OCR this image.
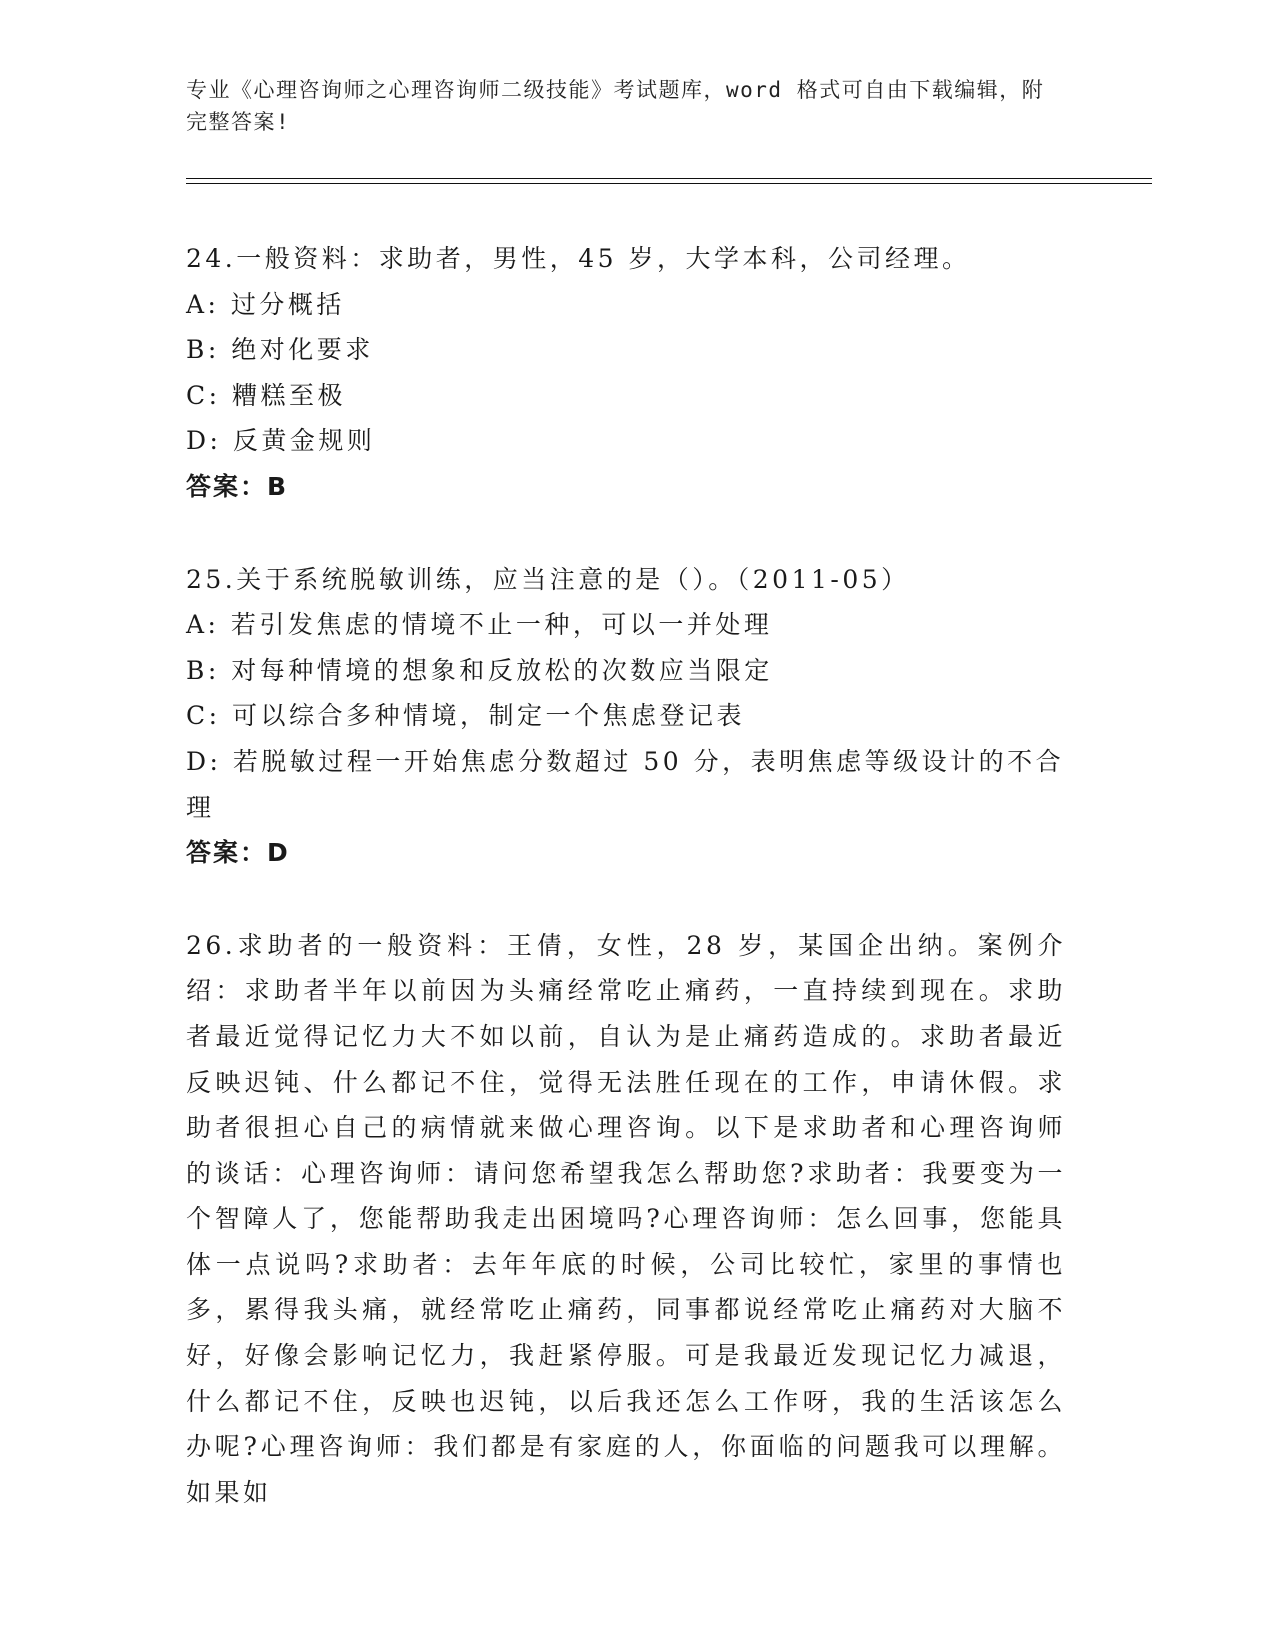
专业《心理咨询师之心理咨询师二级技能》考试题库，word 格式可自由下载编辑，附完整答案!
24.一般资料：求助者，男性，45 岁，大学本科，公司经理。
A: 过分概括
B: 绝对化要求
C: 糟糕至极
D: 反黄金规则
答案：B
25.关于系统脱敏训练，应当注意的是（）。（2011-05）
A: 若引发焦虑的情境不止一种，可以一并处理
B: 对每种情境的想象和反放松的次数应当限定
C: 可以综合多种情境，制定一个焦虑登记表
D: 若脱敏过程一开始焦虑分数超过 50 分，表明焦虑等级设计的不合理
答案：D
26.求助者的一般资料：王倩，女性，28 岁，某国企出纳。案例介绍：求助者半年以前因为头痛经常吃止痛药，一直持续到现在。求助者最近觉得记忆力大不如以前，自认为是止痛药造成的。求助者最近反映迟钝、什么都记不住，觉得无法胜任现在的工作，申请休假。求助者很担心自己的病情就来做心理咨询。以下是求助者和心理咨询师的谈话：心理咨询师：请问您希望我怎么帮助您?求助者：我要变为一个智障人了，您能帮助我走出困境吗?心理咨询师：怎么回事，您能具体一点说吗?求助者：去年年底的时候，公司比较忙，家里的事情也多，累得我头痛，就经常吃止痛药，同事都说经常吃止痛药对大脑不好，好像会影响记忆力，我赶紧停服。可是我最近发现记忆力减退，什么都记不住，反映也迟钝，以后我还怎么工作呀，我的生活该怎么办呢?心理咨询师：我们都是有家庭的人，你面临的问题我可以理解。如果如
